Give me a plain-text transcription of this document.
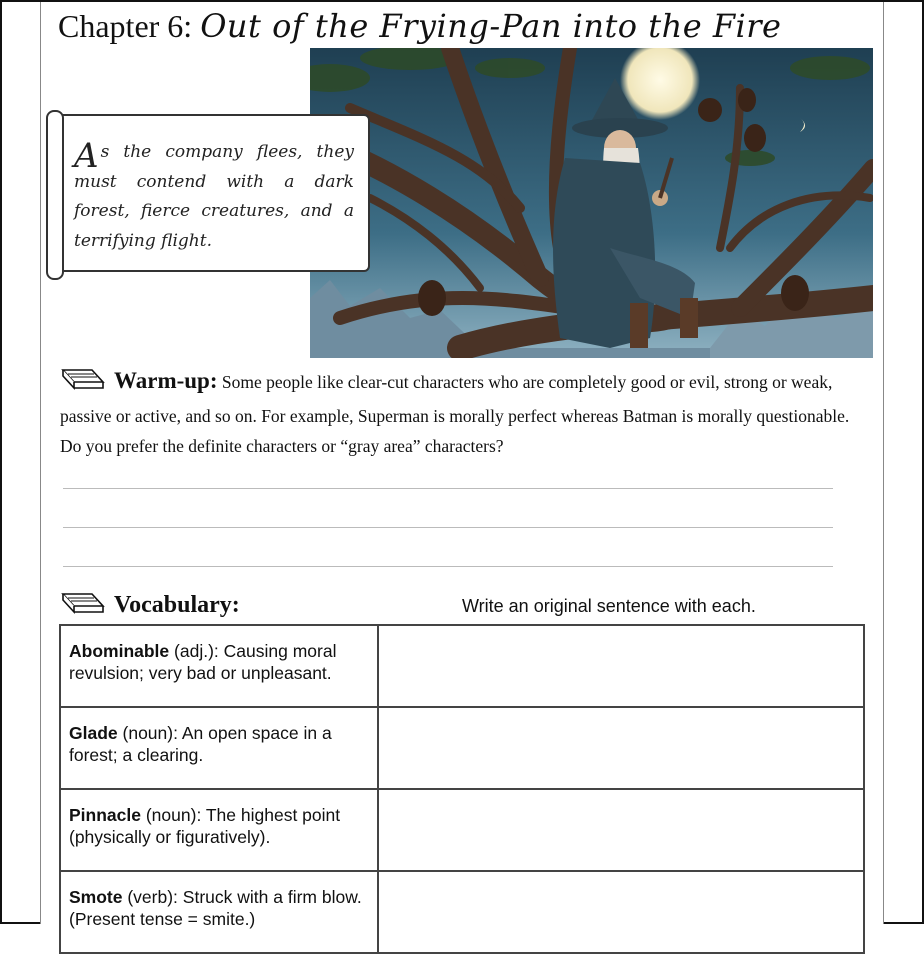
Chapter 6: Out of the Frying-Pan into the Fire
As the company flees, they must contend with a dark forest, fierce creatures, and a terrifying flight.
Warm-up: Some people like clear-cut characters who are completely good or evil, strong or weak, passive or active, and so on. For example, Superman is morally perfect whereas Batman is morally questionable. Do you prefer the definite characters or “gray area” characters?
Vocabulary:	Write an original sentence with each.
Abominable (adj.): Causing moral revulsion; very bad or unpleasant.	
Glade (noun): An open space in a forest; a clearing.	
Pinnacle (noun): The highest point (physically or figuratively).	
Smote (verb): Struck with a firm blow. (Present tense = smite.)	
